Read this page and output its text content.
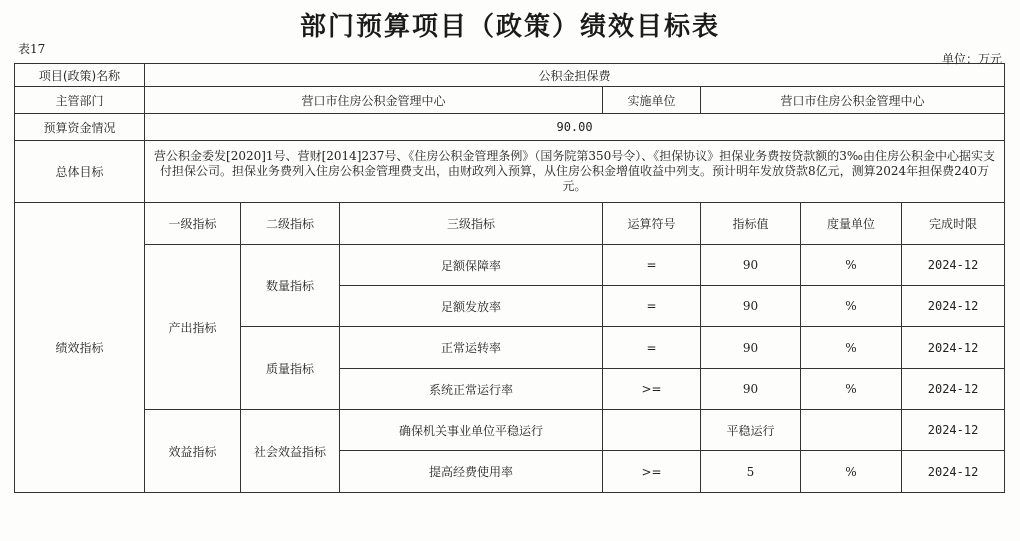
部门预算项目（政策）绩效目标表
表17
单位：万元
项目(政策)名称	公积金担保费						
主管部门	营口市住房公积金管理中心			实施单位	营口市住房公积金管理中心		
预算资金情况	90.00						
总体目标	营公积金委发[2020]1号、营财[2014]237号、《住房公积金管理条例》（国务院第350号令）、《担保协议》担保业务费按贷款额的3‰由住房公积金中心据实支付担保公司。担保业务费列入住房公积金管理费支出，由财政列入预算，从住房公积金增值收益中列支。预计明年发放贷款8亿元，测算2024年担保费240万元。						
绩效指标	一级指标	二级指标	三级指标	运算符号	指标值	度量单位	完成时限
	产出指标	数量指标	足额保障率	=	90	%	2024-12
			足额发放率	=	90	%	2024-12
		质量指标	正常运转率	=	90	%	2024-12
			系统正常运行率	>=	90	%	2024-12
	效益指标	社会效益指标	确保机关事业单位平稳运行		平稳运行		2024-12
			提高经费使用率	>=	5	%	2024-12
